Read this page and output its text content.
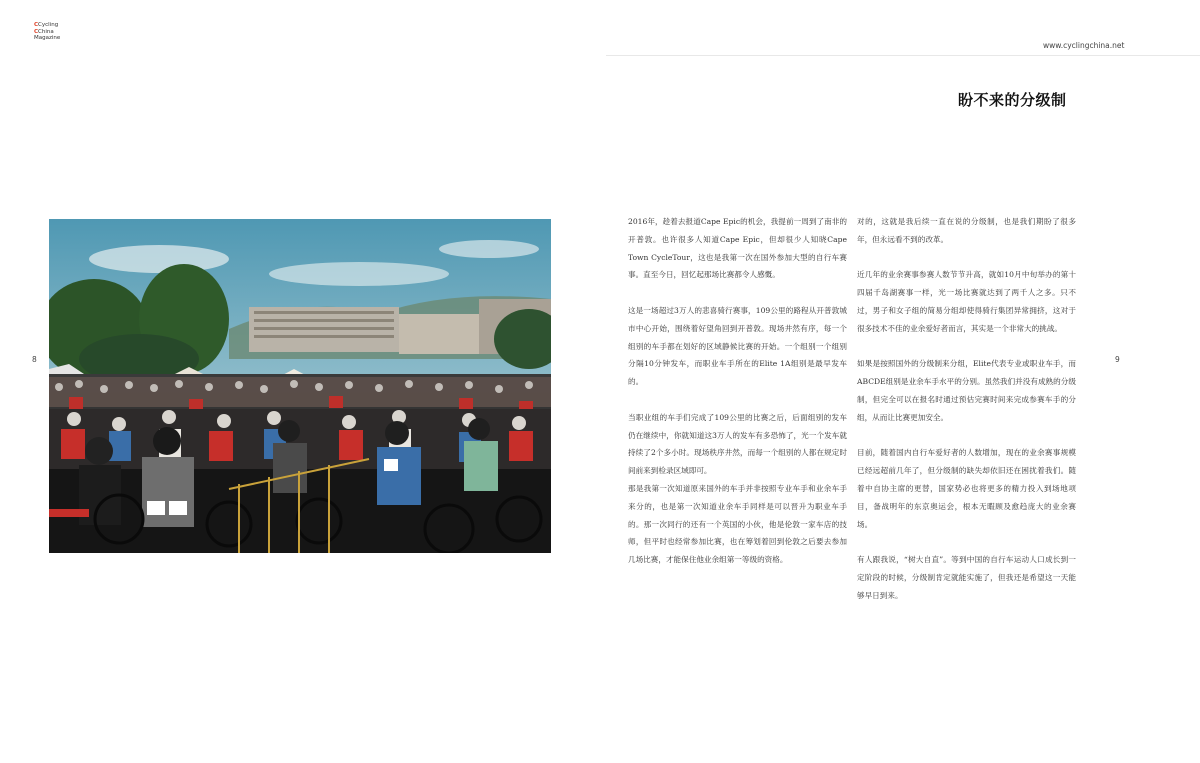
CCycling
CChina
Magazine
www.cyclingchina.net
盼不来的分级制
8	9

2016年，趁着去报道Cape Epic的机会，我提前一周到了南非的开普敦。也许很多人知道Cape Epic，但却很少人知晓Cape Town CycleTour，这也是我第一次在国外参加大型的自行车赛事。直至今日，回忆起那场比赛都令人感慨。

这是一场超过3万人的悲喜骑行赛事，109公里的路程从开普敦城市中心开始，围绕着好望角回到开普敦。现场井然有序，每一个组别的车手都在划好的区域静候比赛的开始。一个组别一个组别分隔10分钟发车，而职业车手所在的Elite 1A组别是最早发车的。

当职业组的车手们完成了109公里的比赛之后，后面组别的发车仍在继续中，你就知道这3万人的发车有多恐怖了，光一个发车就持续了2个多小时。现场秩序井然，而每一个组别的人都在规定时间前来到检录区域即可。

那是我第一次知道原来国外的车手并非按照专业车手和业余车手来分的，也是第一次知道业余车手同样是可以晋升为职业车手的。那一次同行的还有一个英国的小伙，他是伦敦一家车店的技师，但平时也经常参加比赛，也在筹划着回到伦敦之后要去参加几场比赛，才能保住他业余组第一等级的资格。

对的，这就是我后续一直在说的分级制，也是我们期盼了很多年，但永远看不到的改革。

近几年的业余赛事参赛人数节节升高，就如10月中旬举办的第十四届千岛湖赛事一样，光一场比赛就达到了两千人之多。只不过，男子和女子组的简易分组却使得骑行集团异常拥挤，这对于很多技术不佳的业余爱好者而言，其实是一个非常大的挑战。

如果是按照国外的分级制来分组，Elite代表专业或职业车手，而ABCDE组别是业余车手水平的分别。虽然我们并没有成熟的分级制，但完全可以在报名时通过预估完赛时间来完成参赛车手的分组，从而让比赛更加安全。

目前，随着国内自行车爱好者的人数增加，现在的业余赛事规模已经远超前几年了，但分级制的缺失却依旧还在困扰着我们。随着中自协主席的更替，国家势必也将更多的精力投入到场地项目，备战明年的东京奥运会，根本无暇顾及愈趋庞大的业余赛场。

有人跟我说，“树大自直”。等到中国的自行车运动人口成长到一定阶段的时候，分级制肯定就能实施了，但我还是希望这一天能够早日到来。
